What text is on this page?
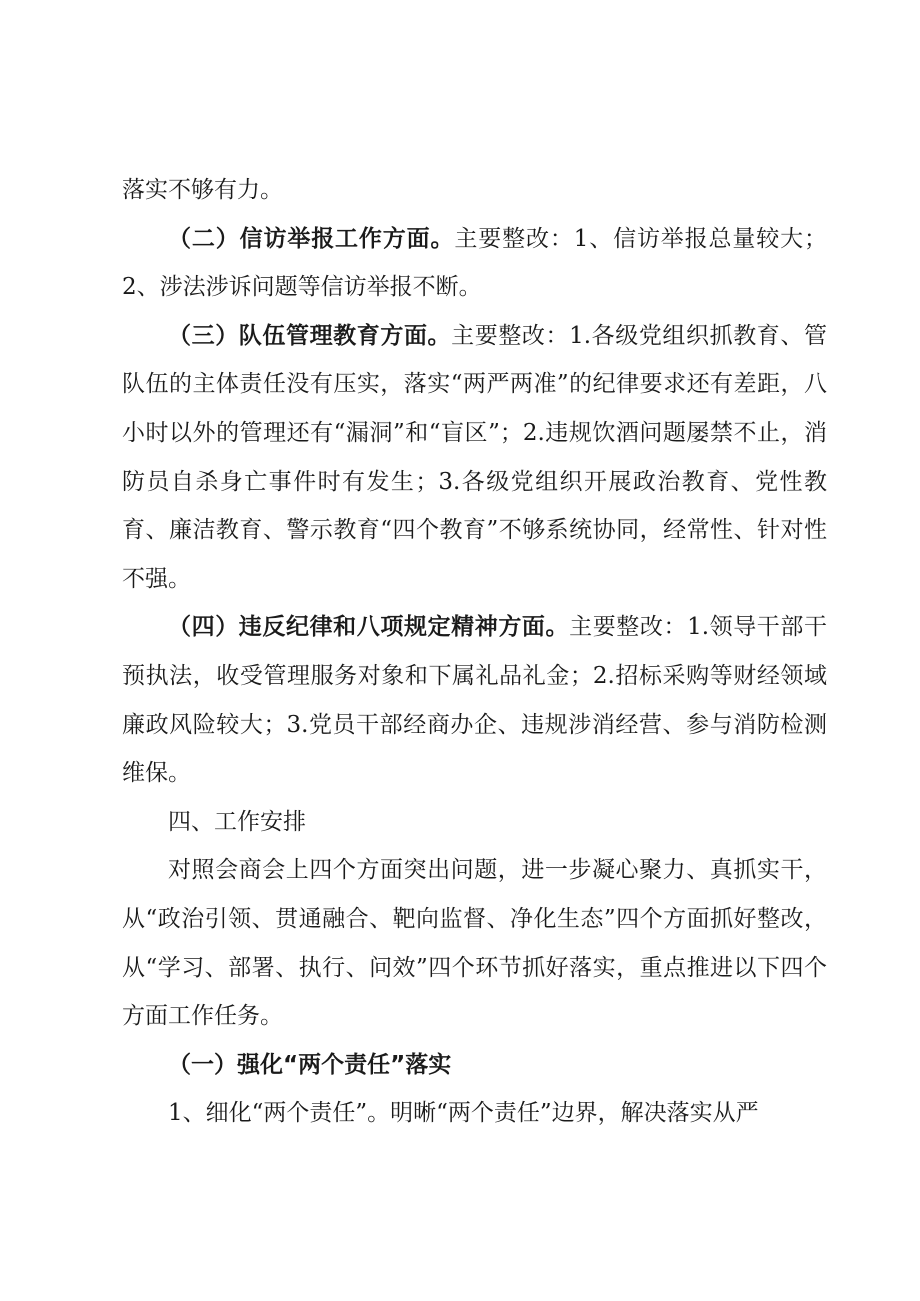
落实不够有力。

（二）信访举报工作方面。主要整改：1、信访举报总量较大；2、涉法涉诉问题等信访举报不断。

（三）队伍管理教育方面。主要整改：1.各级党组织抓教育、管队伍的主体责任没有压实，落实“两严两准”的纪律要求还有差距，八小时以外的管理还有“漏洞”和“盲区”；2.违规饮酒问题屡禁不止，消防员自杀身亡事件时有发生；3.各级党组织开展政治教育、党性教育、廉洁教育、警示教育“四个教育”不够系统协同，经常性、针对性不强。

（四）违反纪律和八项规定精神方面。主要整改：1.领导干部干预执法，收受管理服务对象和下属礼品礼金；2.招标采购等财经领域廉政风险较大；3.党员干部经商办企、违规涉消经营、参与消防检测维保。

四、工作安排

对照会商会上四个方面突出问题，进一步凝心聚力、真抓实干，从“政治引领、贯通融合、靶向监督、净化生态”四个方面抓好整改，从“学习、部署、执行、问效”四个环节抓好落实，重点推进以下四个方面工作任务。

（一）强化“两个责任”落实

1、细化“两个责任”。明晰“两个责任”边界，解决落实从严
